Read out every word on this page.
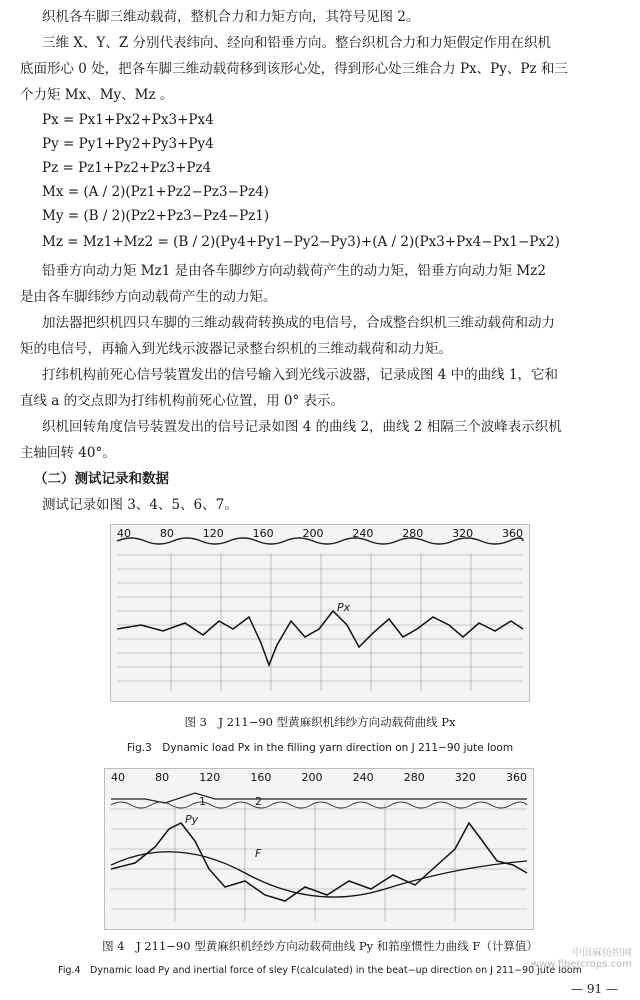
织机各车脚三维动载荷，整机合力和力矩方向，其符号见图 2。
三维 X、Y、Z 分别代表纬向、经向和铅垂方向。整台织机合力和力矩假定作用在织机
底面形心 0 处，把各车脚三维动载荷移到该形心处，得到形心处三维合力 Px、Py、Pz 和三
个力矩 Mx、My、Mz 。
Px = Px1+Px2+Px3+Px4
Py = Py1+Py2+Py3+Py4
Pz = Pz1+Pz2+Pz3+Pz4
Mx = (A / 2)(Pz1+Pz2−Pz3−Pz4)
My = (B / 2)(Pz2+Pz3−Pz4−Pz1)
Mz = Mz1+Mz2 = (B / 2)(Py4+Py1−Py2−Py3)+(A / 2)(Px3+Px4−Px1−Px2)
铅垂方向动力矩 Mz1 是由各车脚纱方向动载荷产生的动力矩，铅垂方向动力矩 Mz2
是由各车脚纬纱方向动载荷产生的动力矩。
加法器把织机四只车脚的三维动载荷转换成的电信号，合成整台织机三维动载荷和动力
矩的电信号，再输入到光线示波器记录整台织机的三维动载荷和动力矩。
打纬机构前死心信号装置发出的信号输入到光线示波器，记录成图 4 中的曲线 1，它和
直线 a 的交点即为打纬机构前死心位置，用 0° 表示。
织机回转角度信号装置发出的信号记录如图 4 的曲线 2，曲线 2 相隔三个波峰表示织机
主轴回转 40°。
（二）测试记录和数据
测试记录如图 3、4、5、6、7。
40	80	120	160	200	240	280	320	360
Px
图 3　J 211−90 型黄麻织机纬纱方向动载荷曲线 Px
Fig.3　Dynamic load Px in the filling yarn direction on J 211−90 jute loom
40	80	120	160	200	240	280	320	360
Py
F
1	2
图 4　J 211−90 型黄麻织机经纱方向动载荷曲线 Py 和筘座惯性力曲线 F（计算值）
Fig.4　Dynamic load Py and inertial force of sley F(calculated) in the beat−up direction on J 211−90 jute loom
中国麻纺织网
www.fibercrops.com
— 91 —
